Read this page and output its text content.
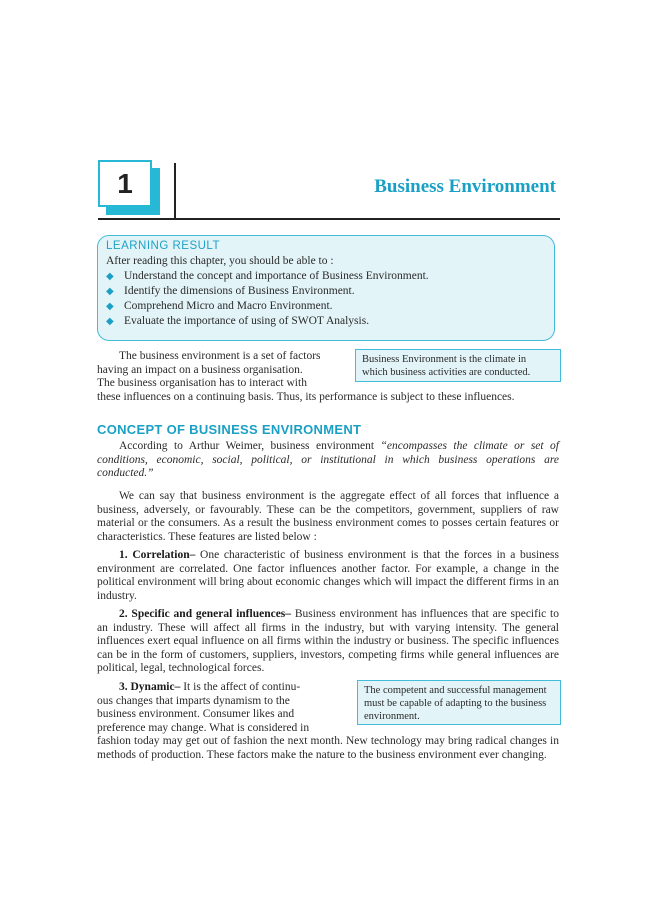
1	Business Environment
LEARNING RESULT
After reading this chapter, you should be able to :
◆ Understand the concept and importance of Business Environment.
◆ Identify the dimensions of Business Environment.
◆ Comprehend Micro and Macro Environment.
◆ Evaluate the importance of using of SWOT Analysis.
The business environment is a set of factors
having an impact on a business organisation.
The business organisation has to interact with
Business Environment is the climate in which business activities are conducted.
these influences on a continuing basis. Thus, its performance is subject to these influences.
CONCEPT OF BUSINESS ENVIRONMENT
According to Arthur Weimer, business environment “encompasses the climate or set of conditions, economic, social, political, or institutional in which business operations are conducted.”
We can say that business environment is the aggregate effect of all forces that influence a business, adversely, or favourably. These can be the competitors, government, suppliers of raw material or the consumers. As a result the business environment comes to posses certain features or characteristics. These features are listed below :
1. Correlation– One characteristic of business environment is that the forces in a business environment are correlated. One factor influences another factor. For example, a change in the political environment will bring about economic changes which will impact the different firms in an industry.
2. Specific and general influences– Business environment has influences that are specific to an industry. These will affect all firms in the industry, but with varying intensity. The general influences exert equal influence on all firms within the industry or business. The specific influences can be in the form of customers, suppliers, investors, competing firms while general influences are political, legal, technological forces.
3. Dynamic– It is the affect of continu-
ous changes that imparts dynamism to the
business environment. Consumer likes and
preference may change. What is considered in
The competent and successful management must be capable of adapting to the business environment.
fashion today may get out of fashion the next month. New technology may bring radical changes in methods of production. These factors make the nature to the business environment ever changing.
